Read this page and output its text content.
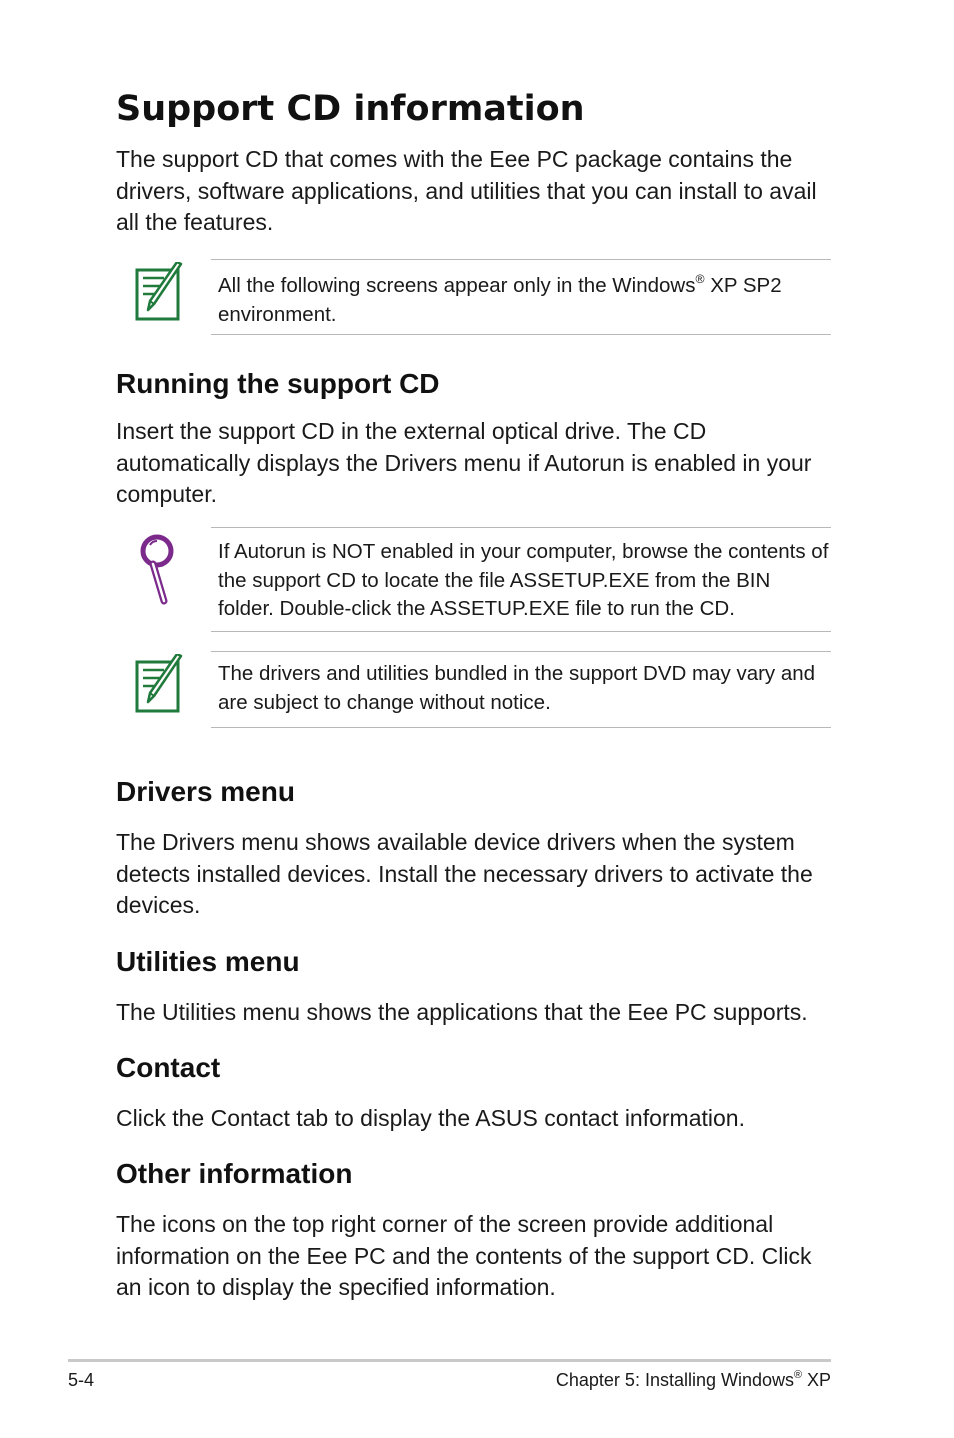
Support CD information

The support CD that comes with the Eee PC package contains the drivers, software applications, and utilities that you can install to avail all the features.

All the following screens appear only in the Windows® XP SP2 environment.
Running the support CD

Insert the support CD in the external optical drive. The CD automatically displays the Drivers menu if Autorun is enabled in your computer.

If Autorun is NOT enabled in your computer, browse the contents of the support CD to locate the file ASSETUP.EXE from the BIN folder. Double-click the ASSETUP.EXE file to run the CD.
The drivers and utilities bundled in the support DVD may vary and are subject to change without notice.
Drivers menu

The Drivers menu shows available device drivers when the system detects installed devices. Install the necessary drivers to activate the devices.

Utilities menu

The Utilities menu shows the applications that the Eee PC supports.

Contact

Click the Contact tab to display the ASUS contact information.

Other information

The icons on the top right corner of the screen provide additional information on the Eee PC and the contents of the support CD. Click an icon to display the specified information.

5-4	Chapter 5: Installing Windows® XP
